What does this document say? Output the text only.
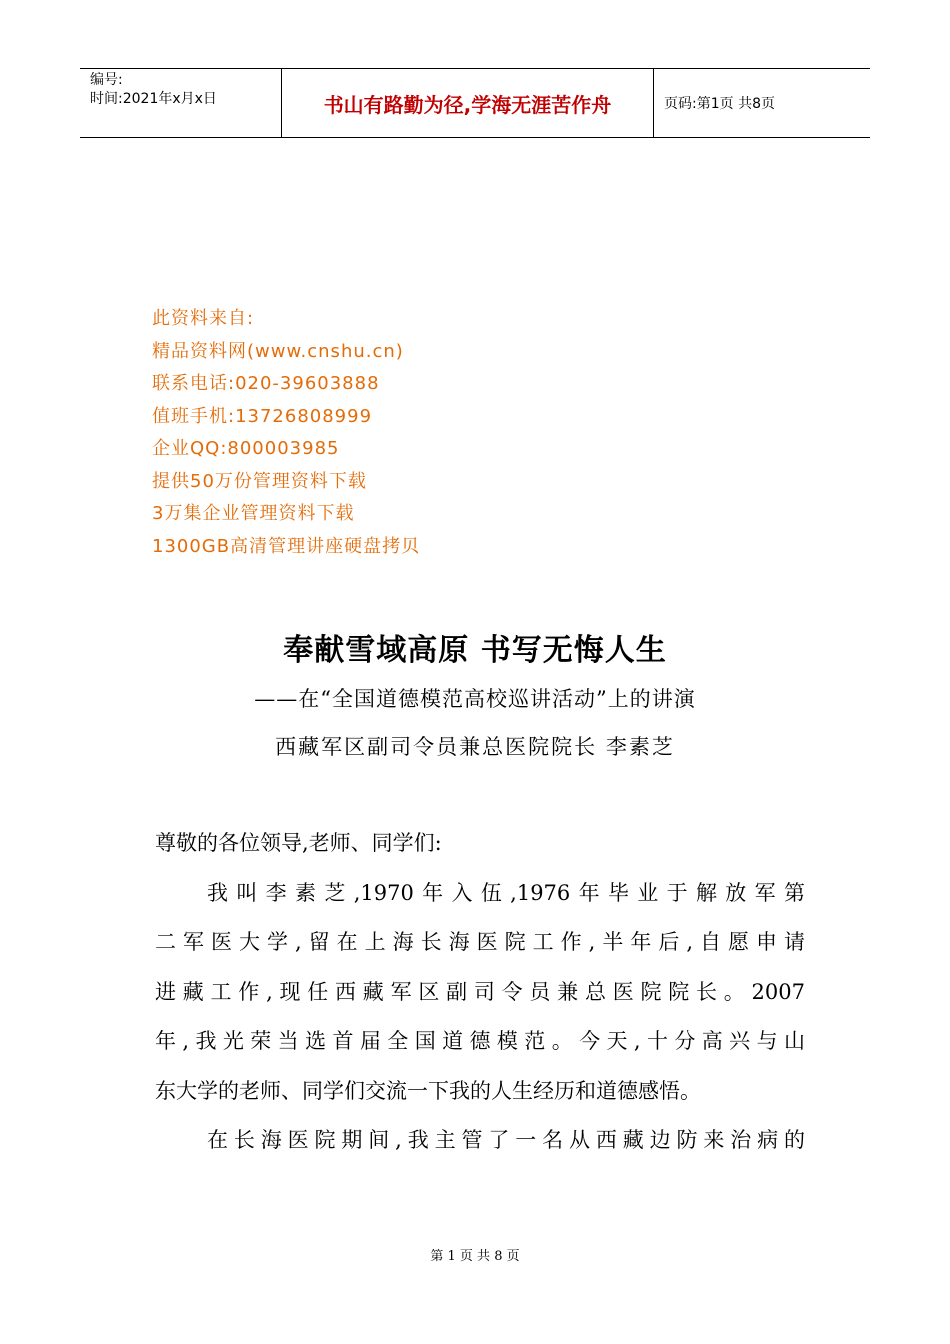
编号:
时间:2021年x月x日	书山有路勤为径,学海无涯苦作舟	页码:第1页 共8页
此资料来自:
精品资料网(www.cnshu.cn)
联系电话:020-39603888
值班手机:13726808999
企业QQ:800003985
提供50万份管理资料下载
3万集企业管理资料下载
1300GB高清管理讲座硬盘拷贝
奉献雪域高原 书写无悔人生
——在“全国道德模范高校巡讲活动”上的讲演
西藏军区副司令员兼总医院院长 李素芝
尊敬的各位领导,老师、同学们:
我叫李素芝,1970年入伍,1976年毕业于解放军第
二军医大学,留在上海长海医院工作,半年后,自愿申请
进藏工作,现任西藏军区副司令员兼总医院院长。2007
年,我光荣当选首届全国道德模范。今天,十分高兴与山
东大学的老师、同学们交流一下我的人生经历和道德感悟。
在长海医院期间,我主管了一名从西藏边防来治病的
第 1 页 共 8 页
